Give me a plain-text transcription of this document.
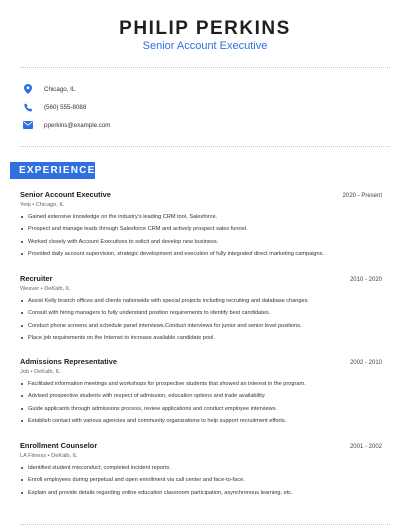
PHILIP PERKINS
Senior Account Executive
Chicago, IL
(560) 555-8088
pperkins@example.com
EXPERIENCE
Senior Account Executive	2020 - Present
Yelp • Chicago, IL
Gained extensive knowledge on the industry's leading CRM tool, Salesforce.
Prospect and manage leads through Salesforce CRM and actively prospect sales funnel.
Worked closely with Account Executives to solicit and develop new business.
Provided daily account supervision, strategic development and execution of fully integrated direct marketing campaigns.
Recruiter	2010 - 2020
Weaver • DeKalb, IL
Assist Kelly branch offices and clients nationwide with special projects including recruiting and database changes.
Consult with hiring managers to fully understand position requirements to identify best candidates.
Conduct phone screens and schedule panel interviews.Conduct interviews for junior and senior level positions.
Place job requirements on the Internet to increase available candidate pool.
Admissions Representative	2002 - 2010
Job • DeKalb, IL
Facilitated information meetings and workshops for prospective students that showed an interest in the program.
Advised prospective students with respect of admission, education options and trade availability.
Guide applicants through admissions process, review applications and conduct employee interviews.
Establish contact with various agencies and community organizations to help support recruitment efforts.
Enrollment Counselor	2001 - 2002
LA Fitness • DeKalb, IL
Identified student misconduct; completed incident reports.
Enroll employees during perpetual and open enrollment via call center and face-to-face.
Explain and provide details regarding online education classroom participation, asynchronous learning, etc.
